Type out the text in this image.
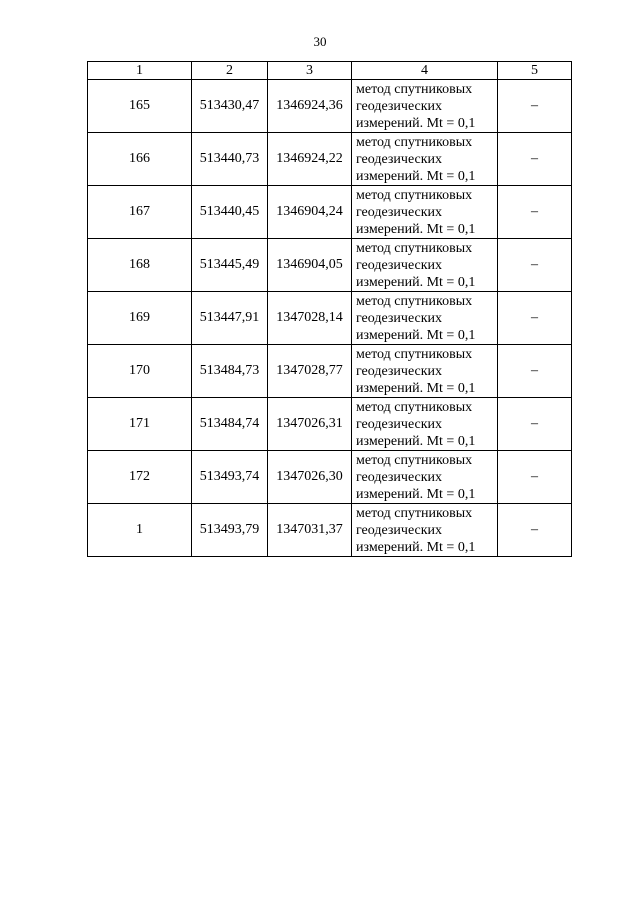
30
1	2	3	4	5
165	513430,47	1346924,36	метод спутниковых
геодезических
измерений. Mt = 0,1	–
166	513440,73	1346924,22	метод спутниковых
геодезических
измерений. Mt = 0,1	–
167	513440,45	1346904,24	метод спутниковых
геодезических
измерений. Mt = 0,1	–
168	513445,49	1346904,05	метод спутниковых
геодезических
измерений. Mt = 0,1	–
169	513447,91	1347028,14	метод спутниковых
геодезических
измерений. Mt = 0,1	–
170	513484,73	1347028,77	метод спутниковых
геодезических
измерений. Mt = 0,1	–
171	513484,74	1347026,31	метод спутниковых
геодезических
измерений. Mt = 0,1	–
172	513493,74	1347026,30	метод спутниковых
геодезических
измерений. Mt = 0,1	–
1	513493,79	1347031,37	метод спутниковых
геодезических
измерений. Mt = 0,1	–
